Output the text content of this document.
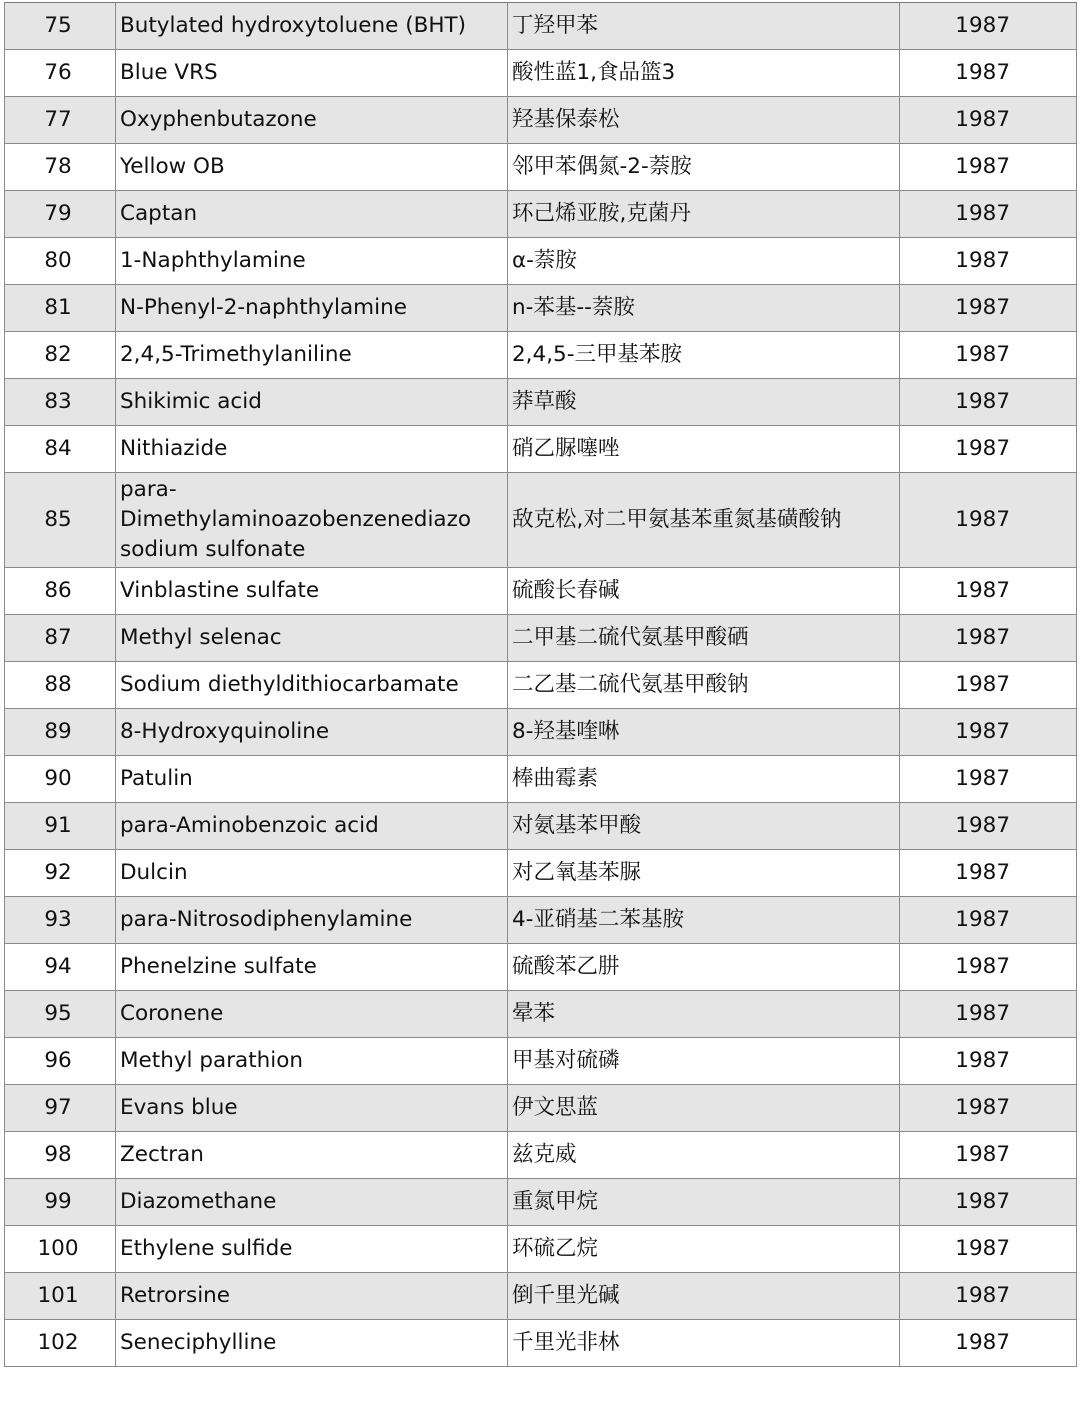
75	Butylated hydroxytoluene (BHT)	丁羟甲苯	1987
76	Blue VRS	酸性蓝1,食品篮3	1987
77	Oxyphenbutazone	羟基保泰松	1987
78	Yellow OB	邻甲苯偶氮-2-萘胺	1987
79	Captan	环己烯亚胺,克菌丹	1987
80	1-Naphthylamine	α-萘胺	1987
81	N-Phenyl-2-naphthylamine	n-苯基--萘胺	1987
82	2,4,5-Trimethylaniline	2,4,5-三甲基苯胺	1987
83	Shikimic acid	莽草酸	1987
84	Nithiazide	硝乙脲噻唑	1987
85	para-
Dimethylaminoazobenzenediazo
sodium sulfonate	敌克松,对二甲氨基苯重氮基磺酸钠	1987
86	Vinblastine sulfate	硫酸长春碱	1987
87	Methyl selenac	二甲基二硫代氨基甲酸硒	1987
88	Sodium diethyldithiocarbamate	二乙基二硫代氨基甲酸钠	1987
89	8-Hydroxyquinoline	8-羟基喹啉	1987
90	Patulin	棒曲霉素	1987
91	para-Aminobenzoic acid	对氨基苯甲酸	1987
92	Dulcin	对乙氧基苯脲	1987
93	para-Nitrosodiphenylamine	4-亚硝基二苯基胺	1987
94	Phenelzine sulfate	硫酸苯乙肼	1987
95	Coronene	晕苯	1987
96	Methyl parathion	甲基对硫磷	1987
97	Evans blue	伊文思蓝	1987
98	Zectran	兹克威	1987
99	Diazomethane	重氮甲烷	1987
100	Ethylene sulfide	环硫乙烷	1987
101	Retrorsine	倒千里光碱	1987
102	Seneciphylline	千里光非林	1987
